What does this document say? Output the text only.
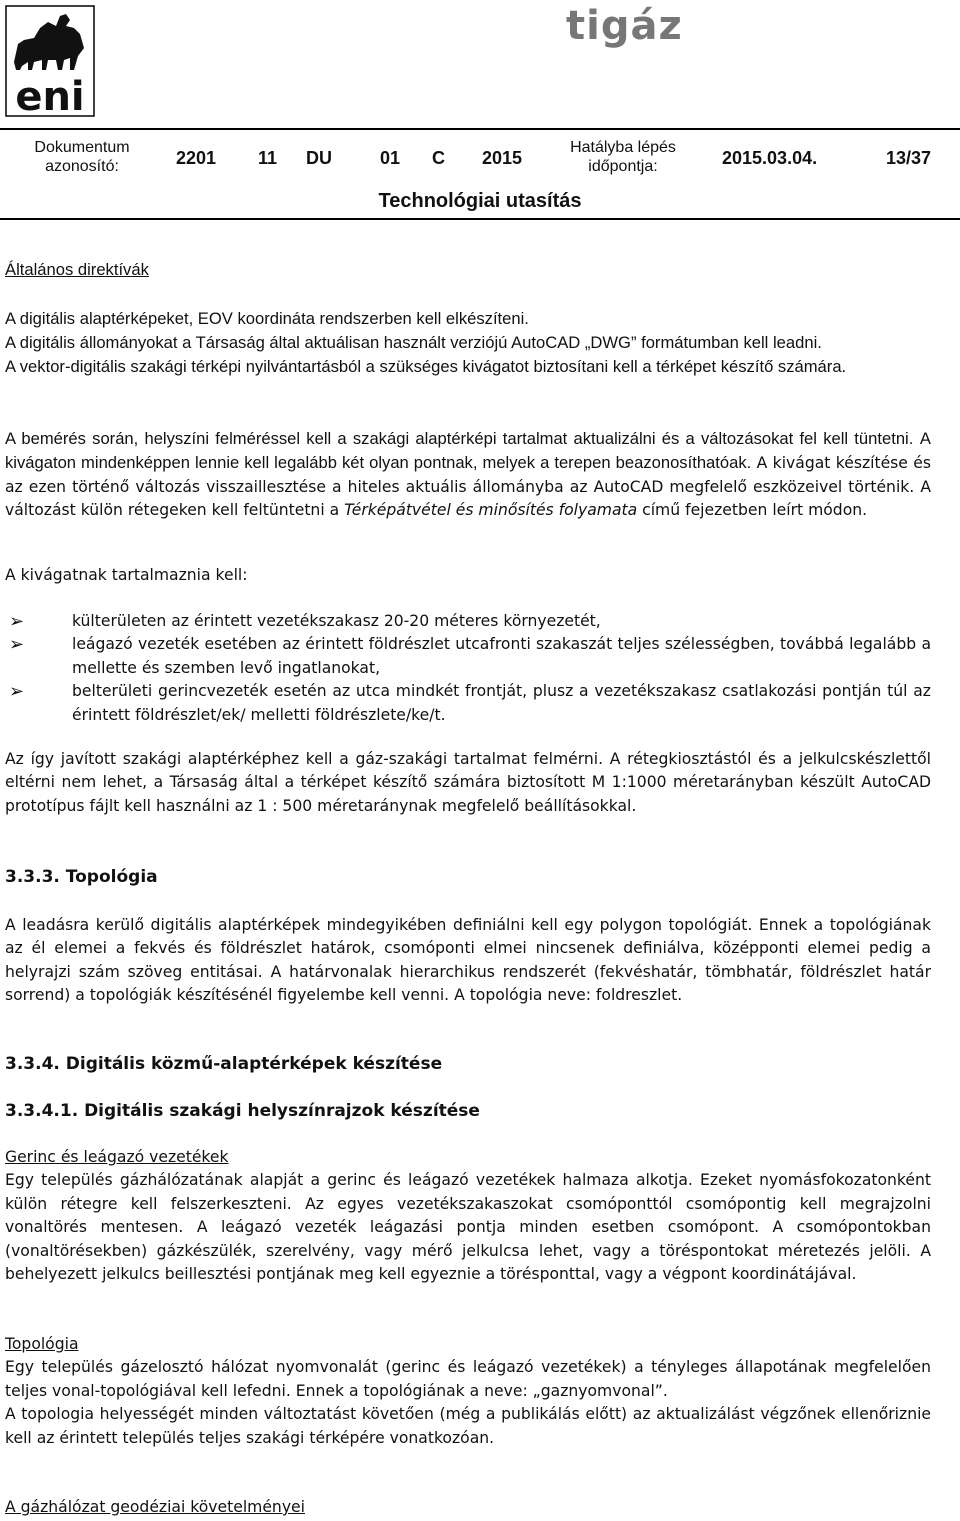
eni
tigáz
Dokumentum azonosító:	2201 11 DU	01 C 2015
Hatályba lépés időpontja:	2015.03.04.	13/37
Technológiai utasítás

Általános direktívák

A digitális alaptérképeket, EOV koordináta rendszerben kell elkészíteni.

A digitális állományokat a Társaság által aktuálisan használt verziójú AutoCAD „DWG” formátumban kell leadni.

A vektor-digitális szakági térképi nyilvántartásból a szükséges kivágatot biztosítani kell a térképet készítő számára.

A bemérés során, helyszíni felméréssel kell a szakági alaptérképi tartalmat aktualizálni és a változásokat fel kell tüntetni. A kivágaton mindenképpen lennie kell legalább két olyan pontnak, melyek a terepen beazonosíthatóak. A kivágat készítése és az ezen történő változás visszaillesztése a hiteles aktuális állományba az AutoCAD megfelelő eszközeivel történik. A változást külön rétegeken kell feltüntetni a Térképátvétel és minősítés folyamata című fejezetben leírt módon.

A kivágatnak tartalmaznia kell:

➢	külterületen az érintett vezetékszakasz 20-20 méteres környezetét,
➢	leágazó vezeték esetében az érintett földrészlet utcafronti szakaszát teljes szélességben, továbbá legalább a mellette és szemben levő ingatlanokat,
➢	belterületi gerincvezeték esetén az utca mindkét frontját, plusz a vezetékszakasz csatlakozási pontján túl az érintett földrészlet/ek/ melletti földrészlete/ke/t.

Az így javított szakági alaptérképhez kell a gáz-szakági tartalmat felmérni. A rétegkiosztástól és a jelkulcskészlettől eltérni nem lehet, a Társaság által a térképet készítő számára biztosított M 1:1000 méretarányban készült AutoCAD prototípus fájlt kell használni az 1 : 500 méretaránynak megfelelő beállításokkal.

3.3.3. Topológia

A leadásra kerülő digitális alaptérképek mindegyikében definiálni kell egy polygon topológiát. Ennek a topológiának az él elemei a fekvés és földrészlet határok, csomóponti elmei nincsenek definiálva, középponti elemei pedig a helyrajzi szám szöveg entitásai. A határvonalak hierarchikus rendszerét (fekvéshatár, tömbhatár, földrészlet határ sorrend) a topológiák készítésénél figyelembe kell venni. A topológia neve: foldreszlet.

3.3.4. Digitális közmű-alaptérképek készítése

3.3.4.1. Digitális szakági helyszínrajzok készítése

Gerinc és leágazó vezetékek

Egy település gázhálózatának alapját a gerinc és leágazó vezetékek halmaza alkotja. Ezeket nyomásfokozatonként külön rétegre kell felszerkeszteni. Az egyes vezetékszakaszokat csomóponttól csomópontig kell megrajzolni vonaltörés mentesen. A leágazó vezeték leágazási pontja minden esetben csomópont. A csomópontokban (vonaltörésekben) gázkészülék, szerelvény, vagy mérő jelkulcsa lehet, vagy a töréspontokat méretezés jelöli. A behelyezett jelkulcs beillesztési pontjának meg kell egyeznie a törésponttal, vagy a végpont koordinátájával.

Topológia

Egy település gázelosztó hálózat nyomvonalát (gerinc és leágazó vezetékek) a tényleges állapotának megfelelően teljes vonal-topológiával kell lefedni. Ennek a topológiának a neve: „gaznyomvonal”.

A topologia helyességét minden változtatást követően (még a publikálás előtt) az aktualizálást végzőnek ellenőriznie kell az érintett település teljes szakági térképére vonatkozóan.

A gázhálózat geodéziai követelményei
